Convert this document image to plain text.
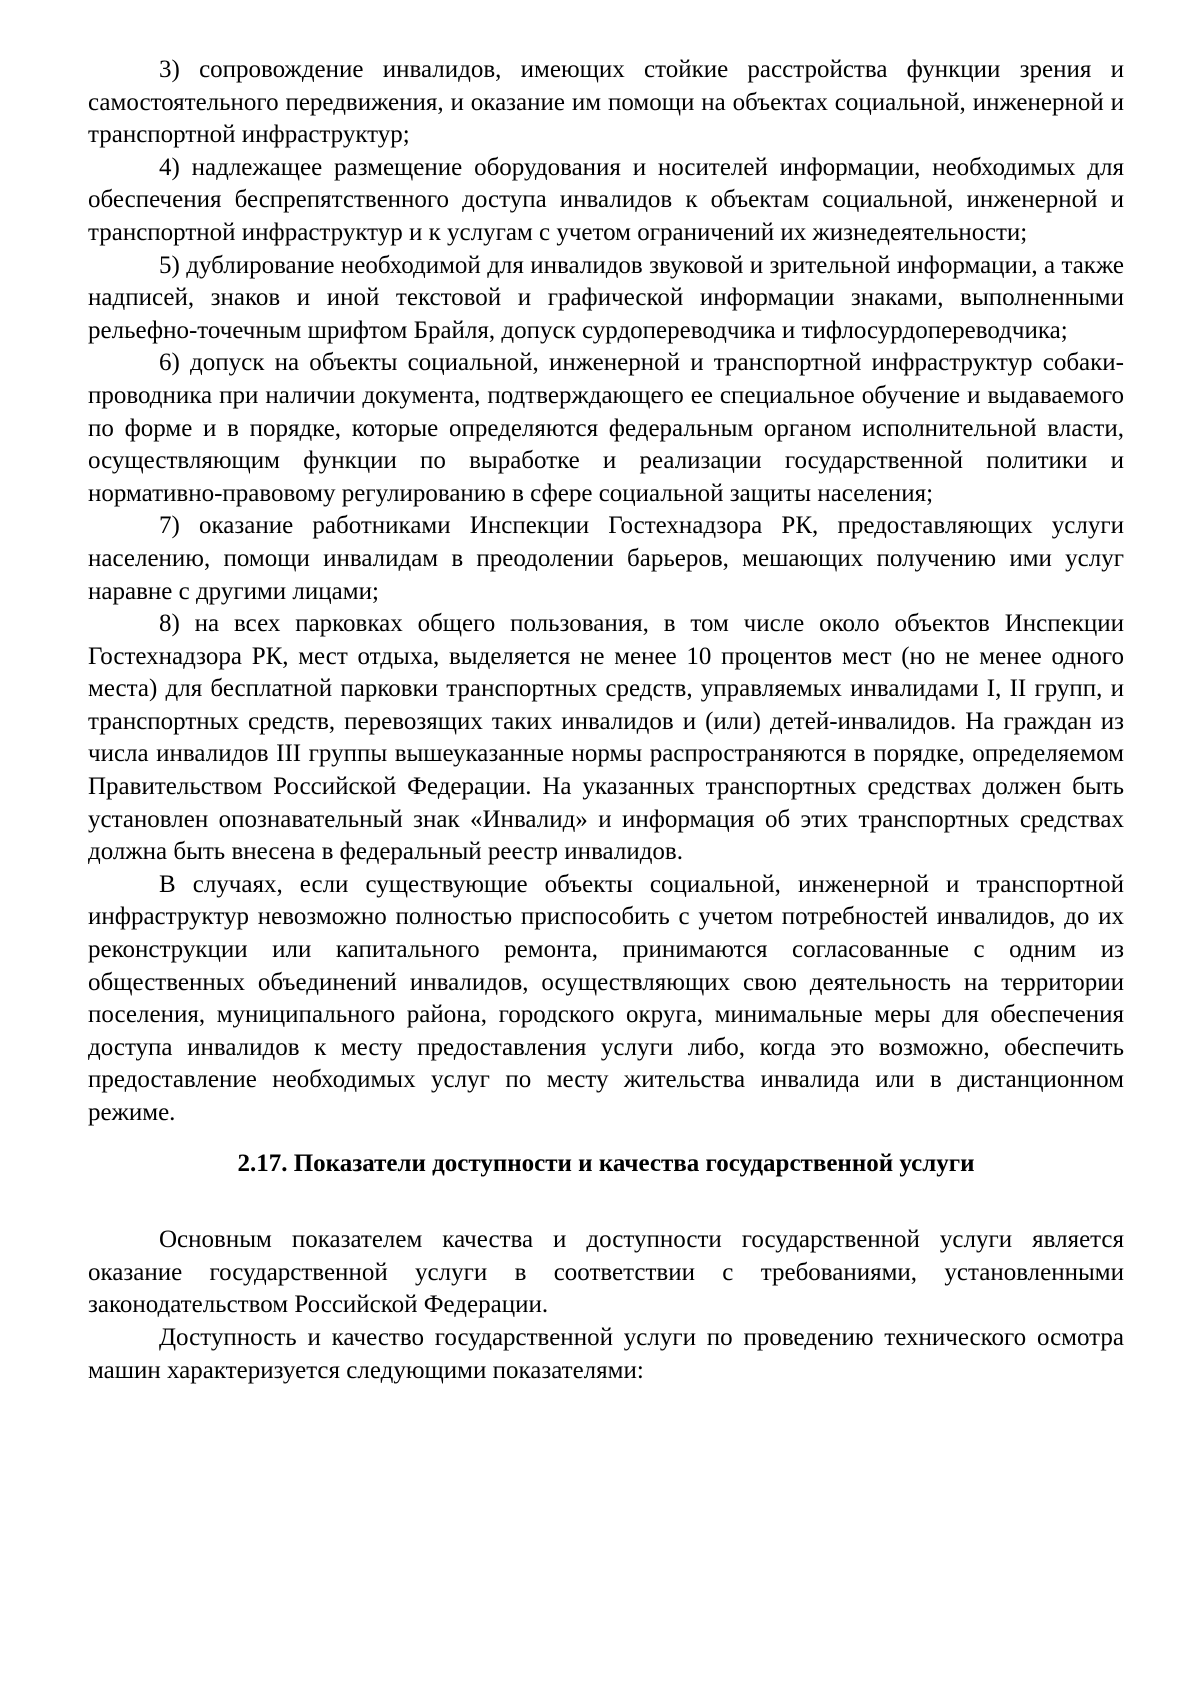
3) сопровождение инвалидов, имеющих стойкие расстройства функции зрения и самостоятельного передвижения, и оказание им помощи на объектах социальной, инженерной и транспортной инфраструктур;

4) надлежащее размещение оборудования и носителей информации, необходимых для обеспечения беспрепятственного доступа инвалидов к объектам социальной, инженерной и транспортной инфраструктур и к услугам с учетом ограничений их жизнедеятельности;

5) дублирование необходимой для инвалидов звуковой и зрительной информации, а также надписей, знаков и иной текстовой и графической информации знаками, выполненными рельефно-точечным шрифтом Брайля, допуск сурдопереводчика и тифлосурдопереводчика;

6) допуск на объекты социальной, инженерной и транспортной инфраструктур собаки-проводника при наличии документа, подтверждающего ее специальное обучение и выдаваемого по форме и в порядке, которые определяются федеральным органом исполнительной власти, осуществляющим функции по выработке и реализации государственной политики и нормативно-правовому регулированию в сфере социальной защиты населения;

7) оказание работниками Инспекции Гостехнадзора РК, предоставляющих услуги населению, помощи инвалидам в преодолении барьеров, мешающих получению ими услуг наравне с другими лицами;

8) на всех парковках общего пользования, в том числе около объектов Инспекции Гостехнадзора РК, мест отдыха, выделяется не менее 10 процентов мест (но не менее одного места) для бесплатной парковки транспортных средств, управляемых инвалидами I, II групп, и транспортных средств, перевозящих таких инвалидов и (или) детей-инвалидов. На граждан из числа инвалидов III группы вышеуказанные нормы распространяются в порядке, определяемом Правительством Российской Федерации. На указанных транспортных средствах должен быть установлен опознавательный знак «Инвалид» и информация об этих транспортных средствах должна быть внесена в федеральный реестр инвалидов.

В случаях, если существующие объекты социальной, инженерной и транспортной инфраструктур невозможно полностью приспособить с учетом потребностей инвалидов, до их реконструкции или капитального ремонта, принимаются согласованные с одним из общественных объединений инвалидов, осуществляющих свою деятельность на территории поселения, муниципального района, городского округа, минимальные меры для обеспечения доступа инвалидов к месту предоставления услуги либо, когда это возможно, обеспечить предоставление необходимых услуг по месту жительства инвалида или в дистанционном режиме.

2.17. Показатели доступности и качества государственной услуги

Основным показателем качества и доступности государственной услуги является оказание государственной услуги в соответствии с требованиями, установленными законодательством Российской Федерации.

Доступность и качество государственной услуги по проведению технического осмотра машин характеризуется следующими показателями:
